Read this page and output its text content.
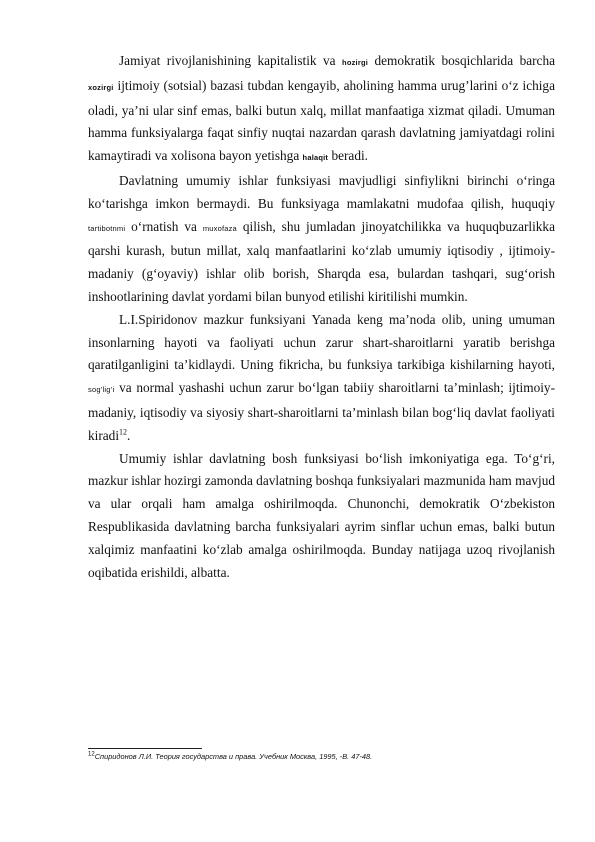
Jamiyat rivojlanishining kapitalistik va hozirgi demokratik bosqichlarida barcha xozirgi ijtimoiy (sotsial) bazasi tubdan kengayib, aholining hamma urug’larini o‘z ichiga oladi, ya’ni ular sinf emas, balki butun xalq, millat manfaatiga xizmat qiladi. Umuman hamma funksiyalarga faqat sinfiy nuqtai nazardan qarash davlatning jamiyatdagi rolini kamaytiradi va xolisona bayon yetishga halaqit beradi.

Davlatning umumiy ishlar funksiyasi mavjudligi sinfiylikni birinchi o‘ringa ko‘tarishga imkon bermaydi. Bu funksiyaga mamlakatni mudofaa qilish, huquqiy tartibotnmi o‘rnatish va muxofaza qilish, shu jumladan jinoyatchilikka va huquqbuzarlikka qarshi kurash, butun millat, xalq manfaatlarini ko‘zlab umumiy iqtisodiy , ijtimoiy-madaniy (g‘oyaviy) ishlar olib borish, Sharqda esa, bulardan tashqari, sug‘orish inshootlarining davlat yordami bilan bunyod etilishi kiritilishi mumkin.

L.I.Spiridonov mazkur funksiyani Yanada keng ma’noda olib, uning umuman insonlarning hayoti va faoliyati uchun zarur shart-sharoitlarni yaratib berishga qaratilganligini ta’kidlaydi. Uning fikricha, bu funksiya tarkibiga kishilarning hayoti, sog’lig’i va normal yashashi uchun zarur bo‘lgan tabiiy sharoitlarni ta’minlash; ijtimoiy-madaniy, iqtisodiy va siyosiy shart-sharoitlarni ta’minlash bilan bog‘liq davlat faoliyati kiradi$^{12}$.

Umumiy ishlar davlatning bosh funksiyasi bo‘lish imkoniyatiga ega. To‘g‘ri, mazkur ishlar hozirgi zamonda davlatning boshqa funksiyalari mazmunida ham mavjud va ular orqali ham amalga oshirilmoqda. Chunonchi, demokratik O‘zbekiston Respublikasida davlatning barcha funksiyalari ayrim sinflar uchun emas, balki butun xalqimiz manfaatini ko‘zlab amalga oshirilmoqda. Bunday natijaga uzoq rivojlanish oqibatida erishildi, albatta.

$^{12}$Спиридонов Л.И. Теория государства и права. Учебник Москва, 1995, -В. 47-48.
